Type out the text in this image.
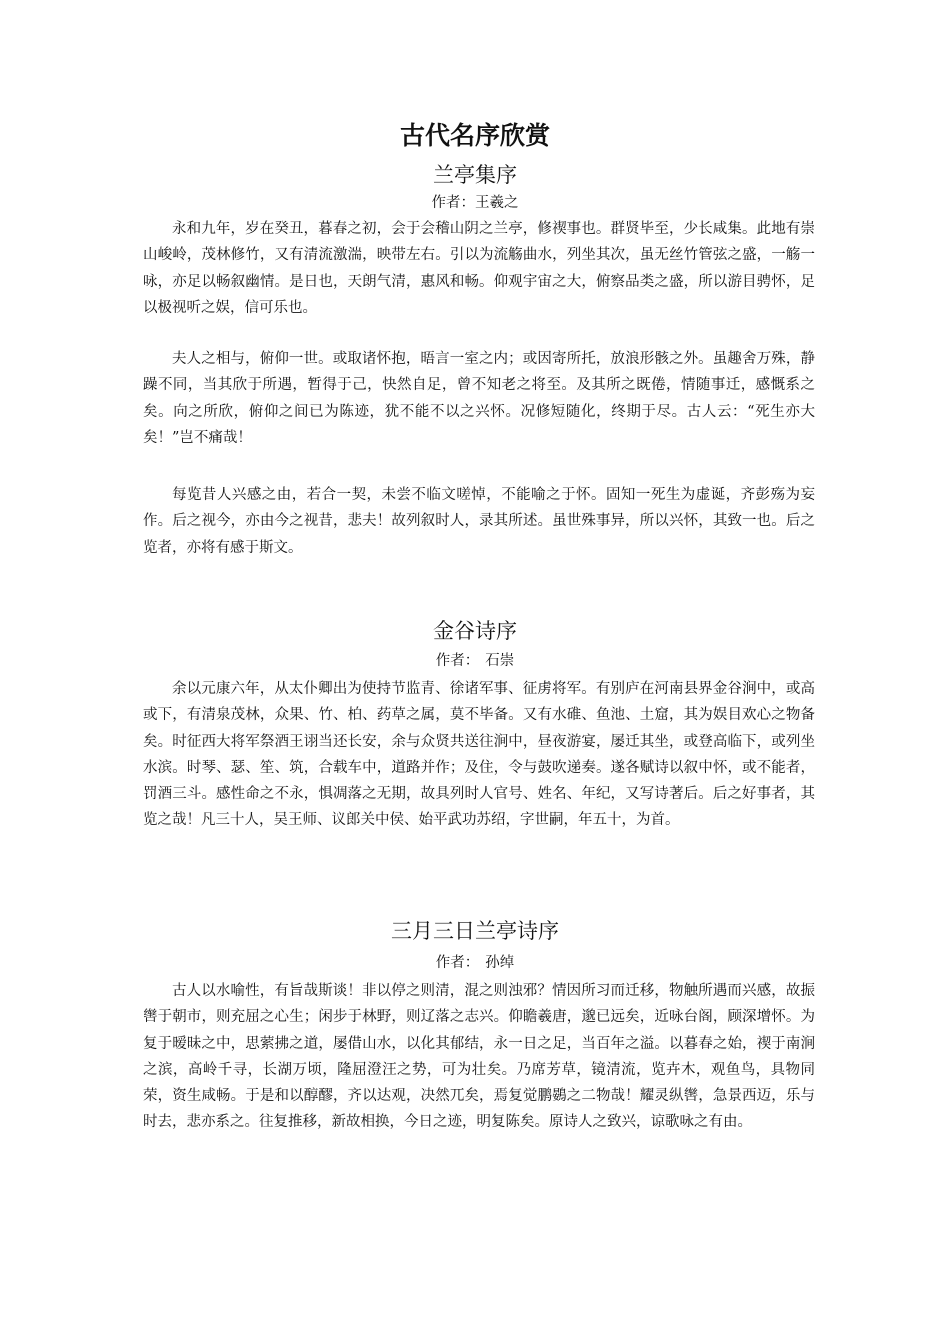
古代名序欣赏
兰亭集序
作者：王羲之

永和九年，岁在癸丑，暮春之初，会于会稽山阴之兰亭，修禊事也。群贤毕至，少长咸集。此地有崇山峻岭，茂林修竹，又有清流激湍，映带左右。引以为流觞曲水，列坐其次，虽无丝竹管弦之盛，一觞一咏，亦足以畅叙幽情。是日也，天朗气清，惠风和畅。仰观宇宙之大，俯察品类之盛，所以游目骋怀，足以极视听之娱，信可乐也。

夫人之相与，俯仰一世。或取诸怀抱，晤言一室之内；或因寄所托，放浪形骸之外。虽趣舍万殊，静躁不同，当其欣于所遇，暂得于己，快然自足，曾不知老之将至。及其所之既倦，情随事迁，感慨系之矣。向之所欣，俯仰之间已为陈迹，犹不能不以之兴怀。况修短随化，终期于尽。古人云：“死生亦大矣！”岂不痛哉！

每览昔人兴感之由，若合一契，未尝不临文嗟悼，不能喻之于怀。固知一死生为虚诞，齐彭殇为妄作。后之视今，亦由今之视昔，悲夫！故列叙时人，录其所述。虽世殊事异，所以兴怀，其致一也。后之览者，亦将有感于斯文。

金谷诗序
作者： 石崇

余以元康六年，从太仆卿出为使持节监青、徐诸军事、征虏将军。有别庐在河南县界金谷涧中，或高或下，有清泉茂林，众果、竹、柏、药草之属，莫不毕备。又有水碓、鱼池、土窟，其为娱目欢心之物备矣。时征西大将军祭酒王诩当还长安，余与众贤共送往涧中，昼夜游宴，屡迁其坐，或登高临下，或列坐水滨。时琴、瑟、笙、筑，合载车中，道路并作；及住，令与鼓吹递奏。遂各赋诗以叙中怀，或不能者，罚酒三斗。感性命之不永，惧凋落之无期，故具列时人官号、姓名、年纪，又写诗著后。后之好事者，其览之哉！凡三十人，吴王师、议郎关中侯、始平武功苏绍，字世嗣，年五十，为首。

三月三日兰亭诗序
作者： 孙绰

古人以水喻性，有旨哉斯谈！非以停之则清，混之则浊邪？情因所习而迁移，物触所遇而兴感，故振辔于朝市，则充屈之心生；闲步于林野，则辽落之志兴。仰瞻羲唐，邈已远矣，近咏台阁，顾深增怀。为复于暧昧之中，思萦拂之道，屡借山水，以化其郁结，永一日之足，当百年之溢。以暮春之始，禊于南涧之滨，高岭千寻，长湖万顷，隆屈澄汪之势，可为壮矣。乃席芳草，镜清流，览卉木，观鱼鸟，具物同荣，资生咸畅。于是和以醇醪，齐以达观，决然兀矣，焉复觉鹏鷃之二物哉！耀灵纵辔，急景西迈，乐与时去，悲亦系之。往复推移，新故相换，今日之迹，明复陈矣。原诗人之致兴，谅歌咏之有由。
